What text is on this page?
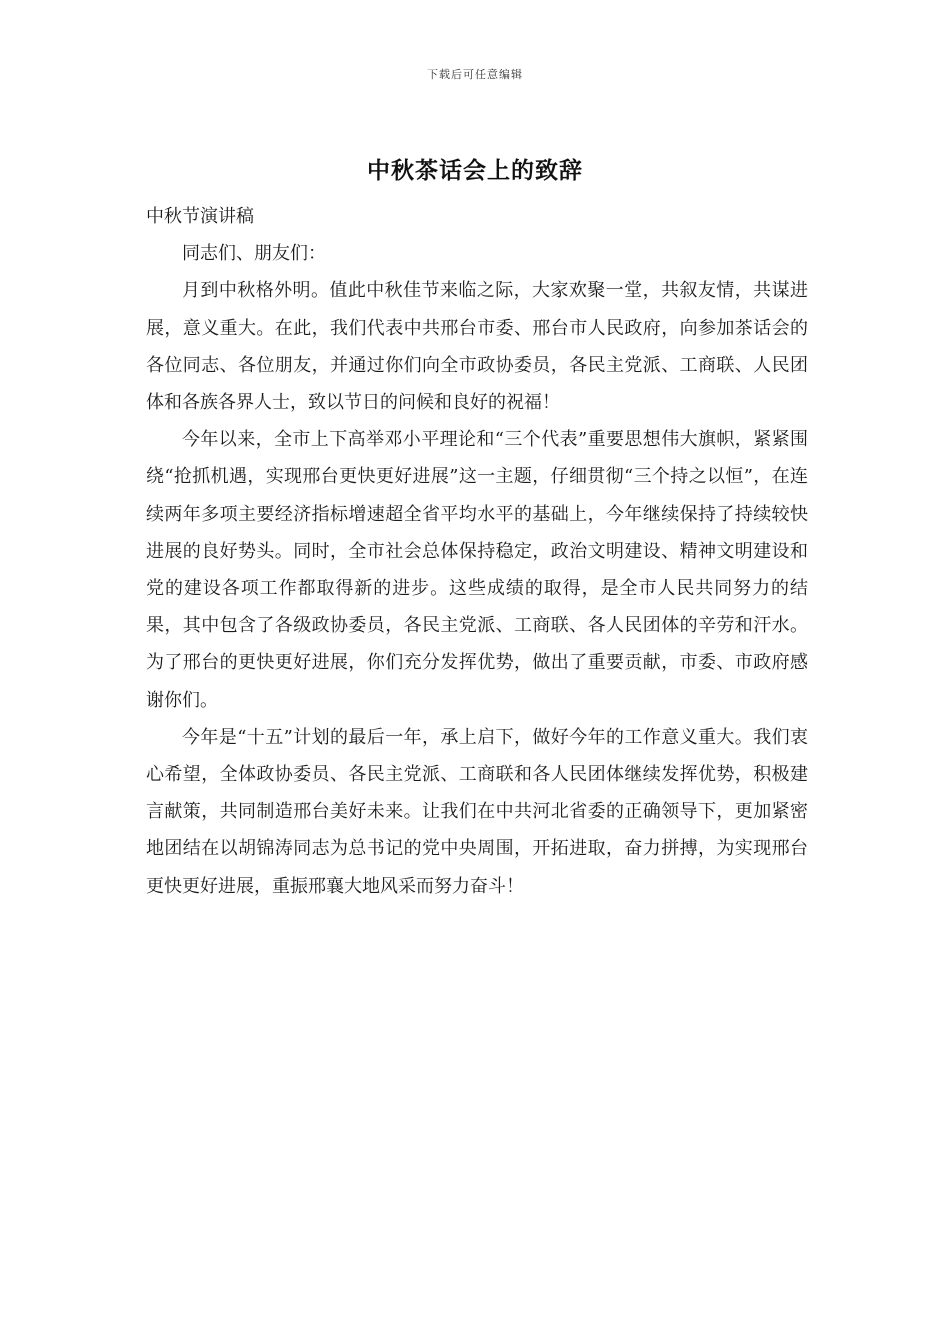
下载后可任意编辑
中秋茶话会上的致辞

中秋节演讲稿

同志们、朋友们：

月到中秋格外明。值此中秋佳节来临之际，大家欢聚一堂，共叙友情，共谋进展，意义重大。在此，我们代表中共邢台市委、邢台市人民政府，向参加茶话会的各位同志、各位朋友，并通过你们向全市政协委员，各民主党派、工商联、人民团体和各族各界人士，致以节日的问候和良好的祝福！

今年以来，全市上下高举邓小平理论和“三个代表”重要思想伟大旗帜，紧紧围绕“抢抓机遇，实现邢台更快更好进展”这一主题，仔细贯彻“三个持之以恒”，在连续两年多项主要经济指标增速超全省平均水平的基础上，今年继续保持了持续较快进展的良好势头。同时，全市社会总体保持稳定，政治文明建设、精神文明建设和党的建设各项工作都取得新的进步。这些成绩的取得，是全市人民共同努力的结果，其中包含了各级政协委员，各民主党派、工商联、各人民团体的辛劳和汗水。为了邢台的更快更好进展，你们充分发挥优势，做出了重要贡献，市委、市政府感谢你们。

今年是“十五”计划的最后一年，承上启下，做好今年的工作意义重大。我们衷心希望，全体政协委员、各民主党派、工商联和各人民团体继续发挥优势，积极建言献策，共同制造邢台美好未来。让我们在中共河北省委的正确领导下，更加紧密地团结在以胡锦涛同志为总书记的党中央周围，开拓进取，奋力拼搏，为实现邢台更快更好进展，重振邢襄大地风采而努力奋斗！
